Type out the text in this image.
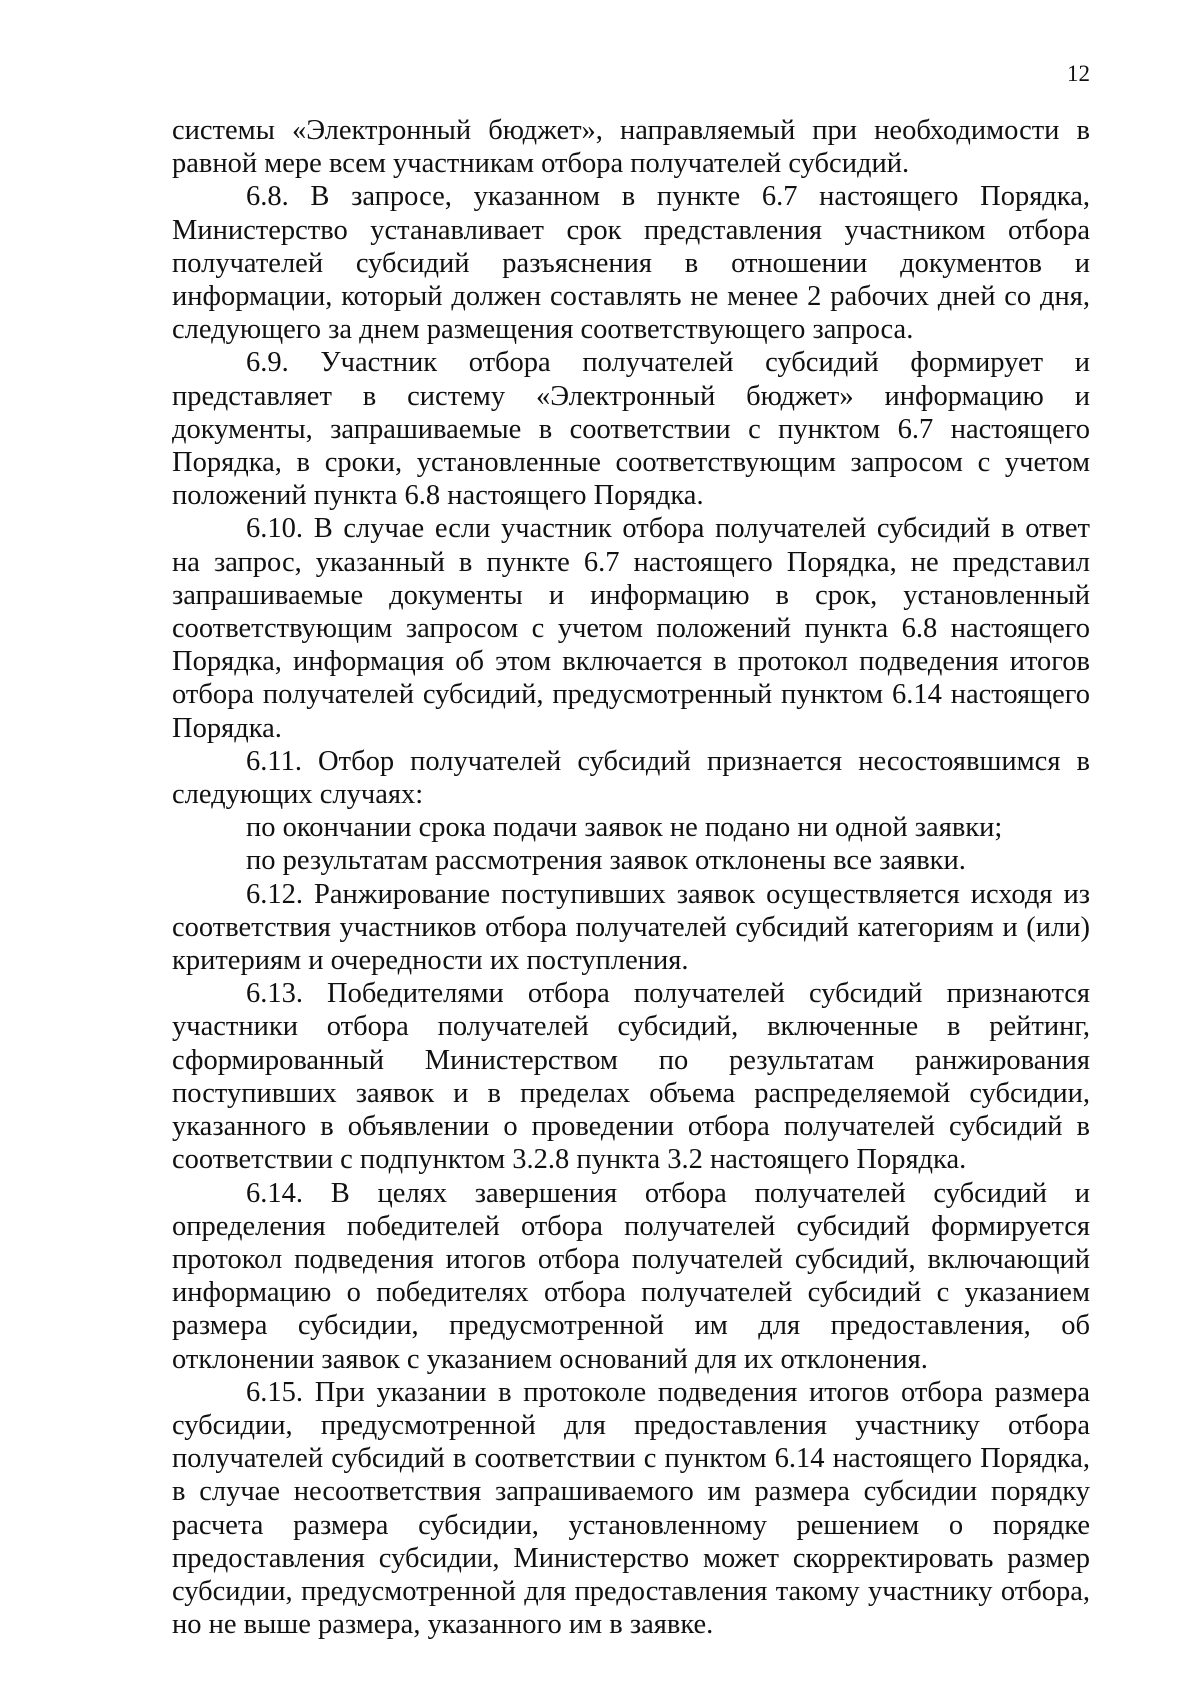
12

системы «Электронный бюджет», направляемый при необходимости в равной мере всем участникам отбора получателей субсидий.

6.8. В запросе, указанном в пункте 6.7 настоящего Порядка, Министерство устанавливает срок представления участником отбора получателей субсидий разъяснения в отношении документов и информации, который должен составлять не менее 2 рабочих дней со дня, следующего за днем размещения соответствующего запроса.

6.9. Участник отбора получателей субсидий формирует и представляет в систему «Электронный бюджет» информацию и документы, запрашиваемые в соответствии с пунктом 6.7 настоящего Порядка, в сроки, установленные соответствующим запросом с учетом положений пункта 6.8 настоящего Порядка.

6.10. В случае если участник отбора получателей субсидий в ответ на запрос, указанный в пункте 6.7 настоящего Порядка, не представил запрашиваемые документы и информацию в срок, установленный соответствующим запросом с учетом положений пункта 6.8 настоящего Порядка, информация об этом включается в протокол подведения итогов отбора получателей субсидий, предусмотренный пунктом 6.14 настоящего Порядка.

6.11. Отбор получателей субсидий признается несостоявшимся в следующих случаях:

по окончании срока подачи заявок не подано ни одной заявки;

по результатам рассмотрения заявок отклонены все заявки.

6.12. Ранжирование поступивших заявок осуществляется исходя из соответствия участников отбора получателей субсидий категориям и (или) критериям и очередности их поступления.

6.13. Победителями отбора получателей субсидий признаются участники отбора получателей субсидий, включенные в рейтинг, сформированный Министерством по результатам ранжирования поступивших заявок и в пределах объема распределяемой субсидии, указанного в объявлении о проведении отбора получателей субсидий в соответствии с подпунктом 3.2.8 пункта 3.2 настоящего Порядка.

6.14. В целях завершения отбора получателей субсидий и определения победителей отбора получателей субсидий формируется протокол подведения итогов отбора получателей субсидий, включающий информацию о победителях отбора получателей субсидий с указанием размера субсидии, предусмотренной им для предоставления, об отклонении заявок с указанием оснований для их отклонения.

6.15. При указании в протоколе подведения итогов отбора размера субсидии, предусмотренной для предоставления участнику отбора получателей субсидий в соответствии с пунктом 6.14 настоящего Порядка, в случае несоответствия запрашиваемого им размера субсидии порядку расчета размера субсидии, установленному решением о порядке предоставления субсидии, Министерство может скорректировать размер субсидии, предусмотренной для предоставления такому участнику отбора, но не выше размера, указанного им в заявке.
